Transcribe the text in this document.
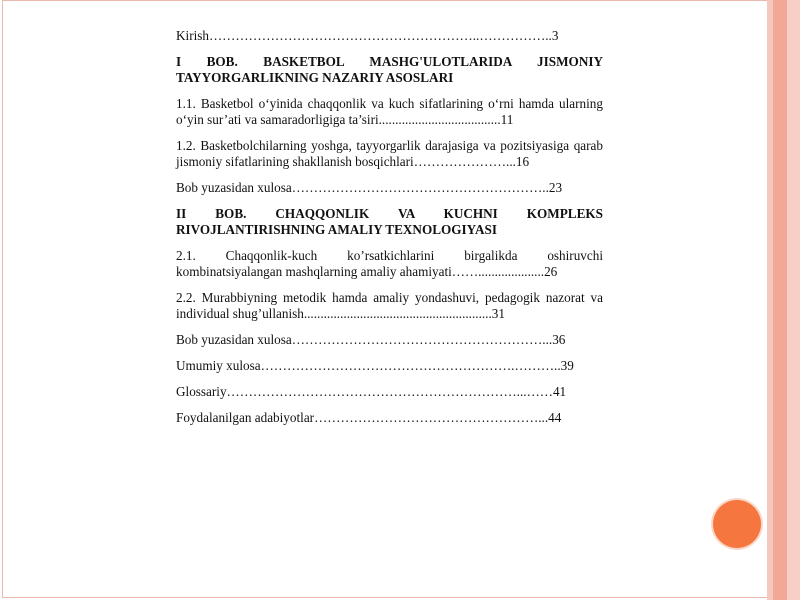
Kirish……………………………………………………..……………..3

I BOB. BASKETBOL MASHG'ULOTLARIDA JISMONIY TAYYORGARLIKNING NAZARIY ASOSLARI

1.1. Basketbol o‘yinida chaqqonlik va kuch sifatlarining o‘rni hamda ularning o‘yin sur’ati va samaradorligiga ta’siri.....................................11

1.2. Basketbolchilarning yoshga, tayyorgarlik darajasiga va pozitsiyasiga qarab jismoniy sifatlarining shakllanish bosqichlari…………………...16

Bob yuzasidan xulosa…………………………………………………..23

II BOB. CHAQQONLIK VA KUCHNI KOMPLEKS RIVOJLANTIRISHNING AMALIY TEXNOLOGIYASI

2.1. Chaqqonlik-kuch ko’rsatkichlarini birgalikda oshiruvchi kombinatsiyalangan mashqlarning amaliy ahamiyati……....................26

2.2. Murabbiyning metodik hamda amaliy yondashuvi, pedagogik nazorat va individual shug’ullanish.........................................................31

Bob yuzasidan xulosa…………………………………………………...36

Umumiy xulosa………………………………………………….………..39

Glossariy…………………………………………………………...……41

Foydalanilgan adabiyotlar……………………………………………...44
